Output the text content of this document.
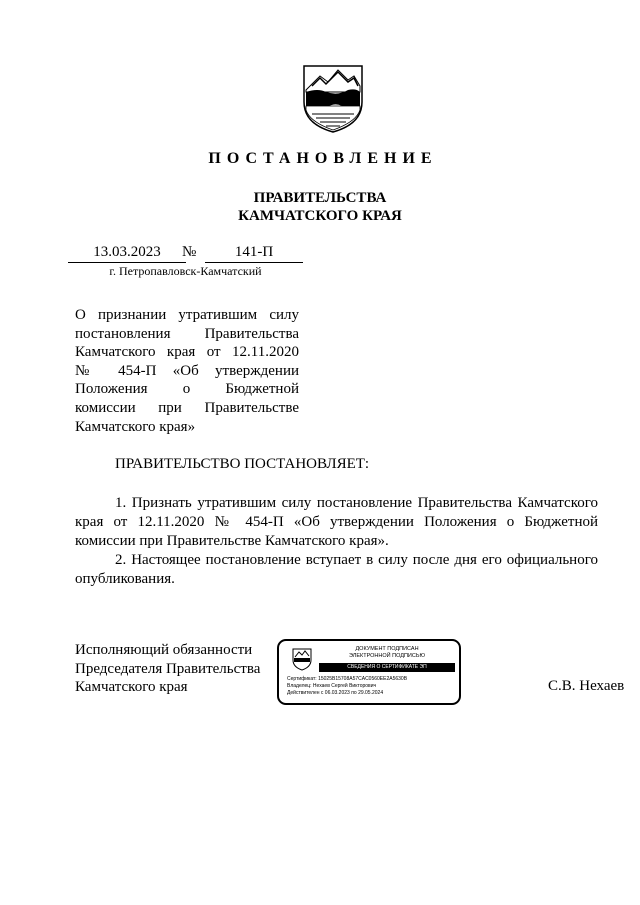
ПОСТАНОВЛЕНИЕ
ПРАВИТЕЛЬСТВА
КАМЧАТСКОГО КРАЯ
13.03.2023	№	141-П
г. Петропавловск-Камчатский
О признании утратившим силу
постановления Правительства
Камчатского края от 12.11.2020
№ 454-П «Об утверждении
Положения о Бюджетной
комиссии при Правительстве
Камчатского края»
ПРАВИТЕЛЬСТВО ПОСТАНОВЛЯЕТ:
1. Признать утратившим силу постановление Правительства Камчатского
края от 12.11.2020 № 454-П «Об утверждении Положения о Бюджетной
комиссии при Правительстве Камчатского края».
2. Настоящее постановление вступает в силу после дня его официального
опубликования.
Исполняющий обязанности
Председателя Правительства
Камчатского края
ДОКУМЕНТ ПОДПИСАН
ЭЛЕКТРОННОЙ ПОДПИСЬЮ
СВЕДЕНИЯ О СЕРТИФИКАТЕ ЭП
Сертификат: 15025B15708A57CAC0560EE2A5630B
Владелец: Нехаев Сергей Викторович
Действителен с 06.03.2023 по 29.05.2024	С.В. Нехаев
